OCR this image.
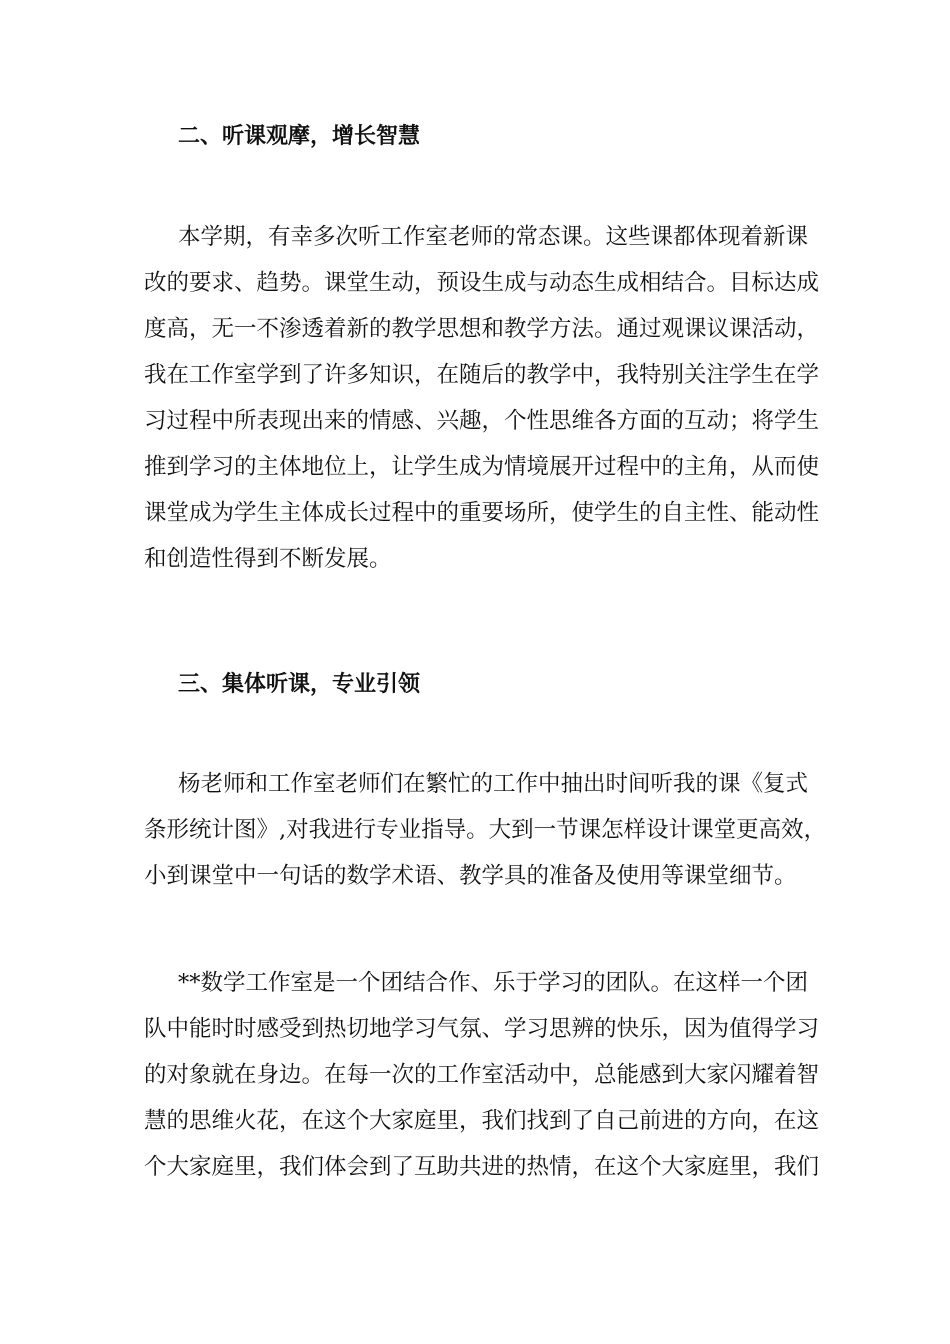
二、听课观摩，增长智慧
本学期，有幸多次听工作室老师的常态课。这些课都体现着新课
改的要求、趋势。课堂生动，预设生成与动态生成相结合。目标达成
度高，无一不渗透着新的教学思想和教学方法。通过观课议课活动，
我在工作室学到了许多知识，在随后的教学中，我特别关注学生在学
习过程中所表现出来的情感、兴趣，个性思维各方面的互动；将学生
推到学习的主体地位上，让学生成为情境展开过程中的主角，从而使
课堂成为学生主体成长过程中的重要场所，使学生的自主性、能动性
和创造性得到不断发展。
三、集体听课，专业引领
杨老师和工作室老师们在繁忙的工作中抽出时间听我的课《复式
条形统计图》,对我进行专业指导。大到一节课怎样设计课堂更高效，
小到课堂中一句话的数学术语、教学具的准备及使用等课堂细节。
**数学工作室是一个团结合作、乐于学习的团队。在这样一个团
队中能时时感受到热切地学习气氛、学习思辨的快乐，因为值得学习
的对象就在身边。在每一次的工作室活动中，总能感到大家闪耀着智
慧的思维火花，在这个大家庭里，我们找到了自己前进的方向，在这
个大家庭里，我们体会到了互助共进的热情，在这个大家庭里，我们
